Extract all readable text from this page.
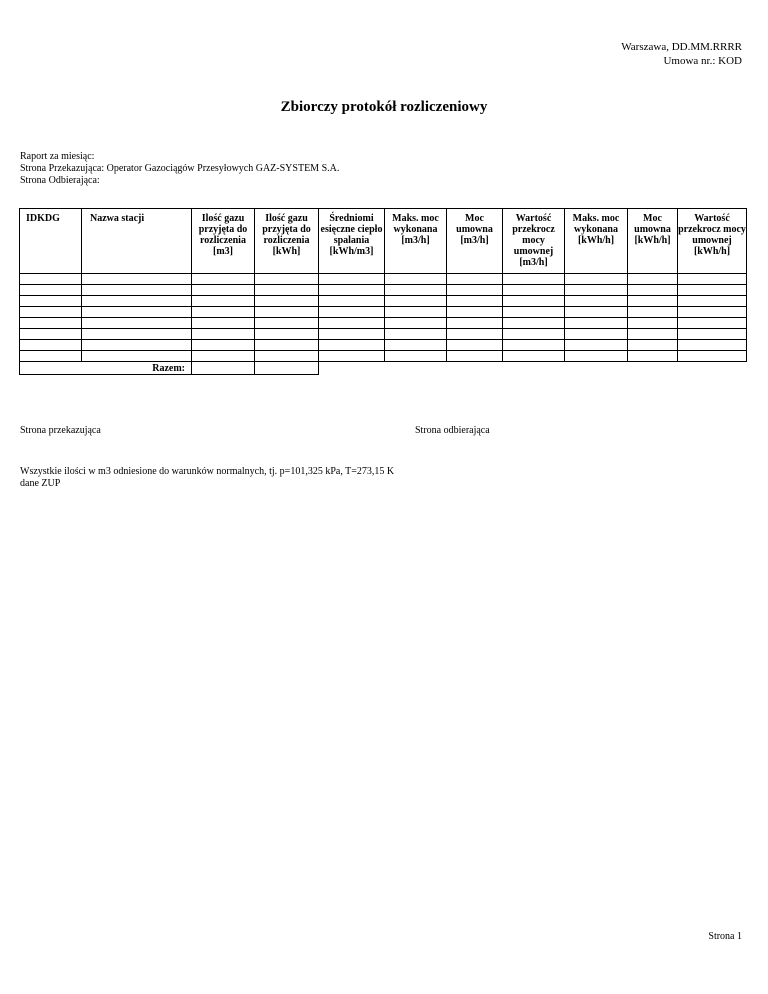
Warszawa, DD.MM.RRRR
Umowa nr.: KOD
Zbiorczy protokół rozliczeniowy
Raport za miesiąc:
Strona Przekazująca: Operator Gazociągów Przesyłowych GAZ-SYSTEM S.A.
Strona Odbierająca:
IDKDG	Nazwa stacji	Ilość gazu przyjęta do rozliczenia [m3]	Ilość gazu przyjęta do rozliczenia [kWh]	Średniomi esięczne ciepło spalania [kWh/m3]	Maks. moc wykonana [m3/h]	Moc umowna [m3/h]	Wartość przekrocz mocy umownej [m3/h]	Maks. moc wykonana [kWh/h]	Moc umowna [kWh/h]	Wartość przekrocz mocy umownej [kWh/h]

Razem:										
Strona przekazująca	Strona odbierająca
Wszystkie ilości w m3 odniesione do warunków normalnych, tj. p=101,325 kPa, T=273,15 K
dane ZUP
Strona 1
